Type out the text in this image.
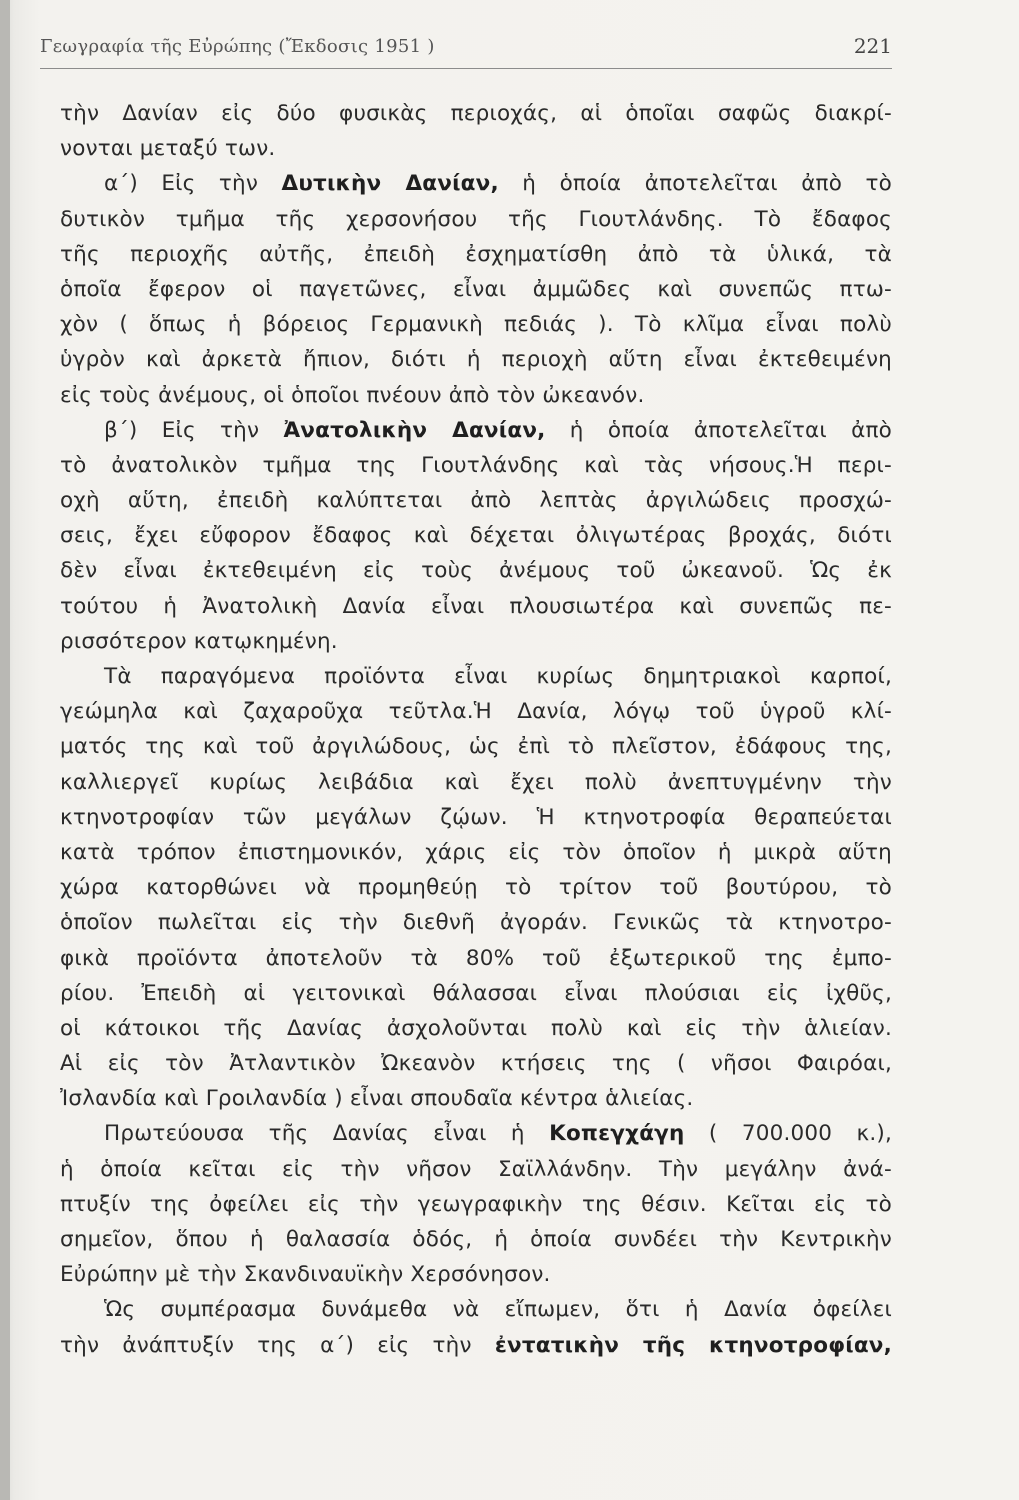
Γεωγραφία τῆς Εὐρώπης (Ἔκδοσις 1951 )	221
τὴν Δανίαν εἰς δύο φυσικὰς περιοχάς, αἱ ὁποῖαι σαφῶς διακρί-
νονται μεταξύ των.
α΄) Εἰς τὴν Δυτικὴν Δανίαν, ἡ ὁποία ἀποτελεῖται ἀπὸ τὸ
δυτικὸν τμῆμα τῆς χερσονήσου τῆς Γιουτλάνδης. Τὸ ἔδαφος
τῆς περιοχῆς αὐτῆς, ἐπειδὴ ἐσχηματίσθη ἀπὸ τὰ ὑλικά, τὰ
ὁποῖα ἔφερον οἱ παγετῶνες, εἶναι ἀμμῶδες καὶ συνεπῶς πτω-
χὸν ( ὅπως ἡ βόρειος Γερμανικὴ πεδιάς ). Τὸ κλῖμα εἶναι πολὺ
ὑγρὸν καὶ ἀρκετὰ ἤπιον, διότι ἡ περιοχὴ αὕτη εἶναι ἐκτεθειμένη
εἰς τοὺς ἀνέμους, οἱ ὁποῖοι πνέουν ἀπὸ τὸν ὠκεανόν.
β΄) Εἰς τὴν Ἀνατολικὴν Δανίαν, ἡ ὁποία ἀποτελεῖται ἀπὸ
τὸ ἀνατολικὸν τμῆμα της Γιουτλάνδης καὶ τὰς νήσους.Ἡ περι-
οχὴ αὕτη, ἐπειδὴ καλύπτεται ἀπὸ λεπτὰς ἀργιλώδεις προσχώ-
σεις, ἔχει εὔφορον ἔδαφος καὶ δέχεται ὀλιγωτέρας βροχάς, διότι
δὲν εἶναι ἐκτεθειμένη εἰς τοὺς ἀνέμους τοῦ ὠκεανοῦ. Ὡς ἐκ
τούτου ἡ Ἀνατολικὴ Δανία εἶναι πλουσιωτέρα καὶ συνεπῶς πε-
ρισσότερον κατῳκημένη.
Τὰ παραγόμενα προϊόντα εἶναι κυρίως δημητριακοὶ καρποί,
γεώμηλα καὶ ζαχαροῦχα τεῦτλα.Ἡ Δανία, λόγῳ τοῦ ὑγροῦ κλί-
ματός της καὶ τοῦ ἀργιλώδους, ὡς ἐπὶ τὸ πλεῖστον, ἐδάφους της,
καλλιεργεῖ κυρίως λειβάδια καὶ ἔχει πολὺ ἀνεπτυγμένην τὴν
κτηνοτροφίαν τῶν μεγάλων ζῴων. Ἡ κτηνοτροφία θεραπεύεται
κατὰ τρόπον ἐπιστημονικόν, χάρις εἰς τὸν ὁποῖον ἡ μικρὰ αὕτη
χώρα κατορθώνει νὰ προμηθεύῃ τὸ τρίτον τοῦ βουτύρου, τὸ
ὁποῖον πωλεῖται εἰς τὴν διεθνῆ ἀγοράν. Γενικῶς τὰ κτηνοτρο-
φικὰ προϊόντα ἀποτελοῦν τὰ 80% τοῦ ἐξωτερικοῦ της ἐμπο-
ρίου. Ἐπειδὴ αἱ γειτονικαὶ θάλασσαι εἶναι πλούσιαι εἰς ἰχθῦς,
οἱ κάτοικοι τῆς Δανίας ἀσχολοῦνται πολὺ καὶ εἰς τὴν ἁλιείαν.
Αἱ εἰς τὸν Ἀτλαντικὸν Ὠκεανὸν κτήσεις της ( νῆσοι Φαιρόαι,
Ἰσλανδία καὶ Γροιλανδία ) εἶναι σπουδαῖα κέντρα ἁλιείας.
Πρωτεύουσα τῆς Δανίας εἶναι ἡ Κοπεγχάγη ( 700.000 κ.),
ἡ ὁποία κεῖται εἰς τὴν νῆσον Σαϊλλάνδην. Τὴν μεγάλην ἀνά-
πτυξίν της ὀφείλει εἰς τὴν γεωγραφικὴν της θέσιν. Κεῖται εἰς τὸ
σημεῖον, ὅπου ἡ θαλασσία ὁδός, ἡ ὁποία συνδέει τὴν Κεντρικὴν
Εὐρώπην μὲ τὴν Σκανδιναυϊκὴν Χερσόνησον.
Ὡς συμπέρασμα δυνάμεθα νὰ εἴπωμεν, ὅτι ἡ Δανία ὀφείλει
τὴν ἀνάπτυξίν της α΄) εἰς τὴν ἐντατικὴν τῆς κτηνοτροφίαν,
